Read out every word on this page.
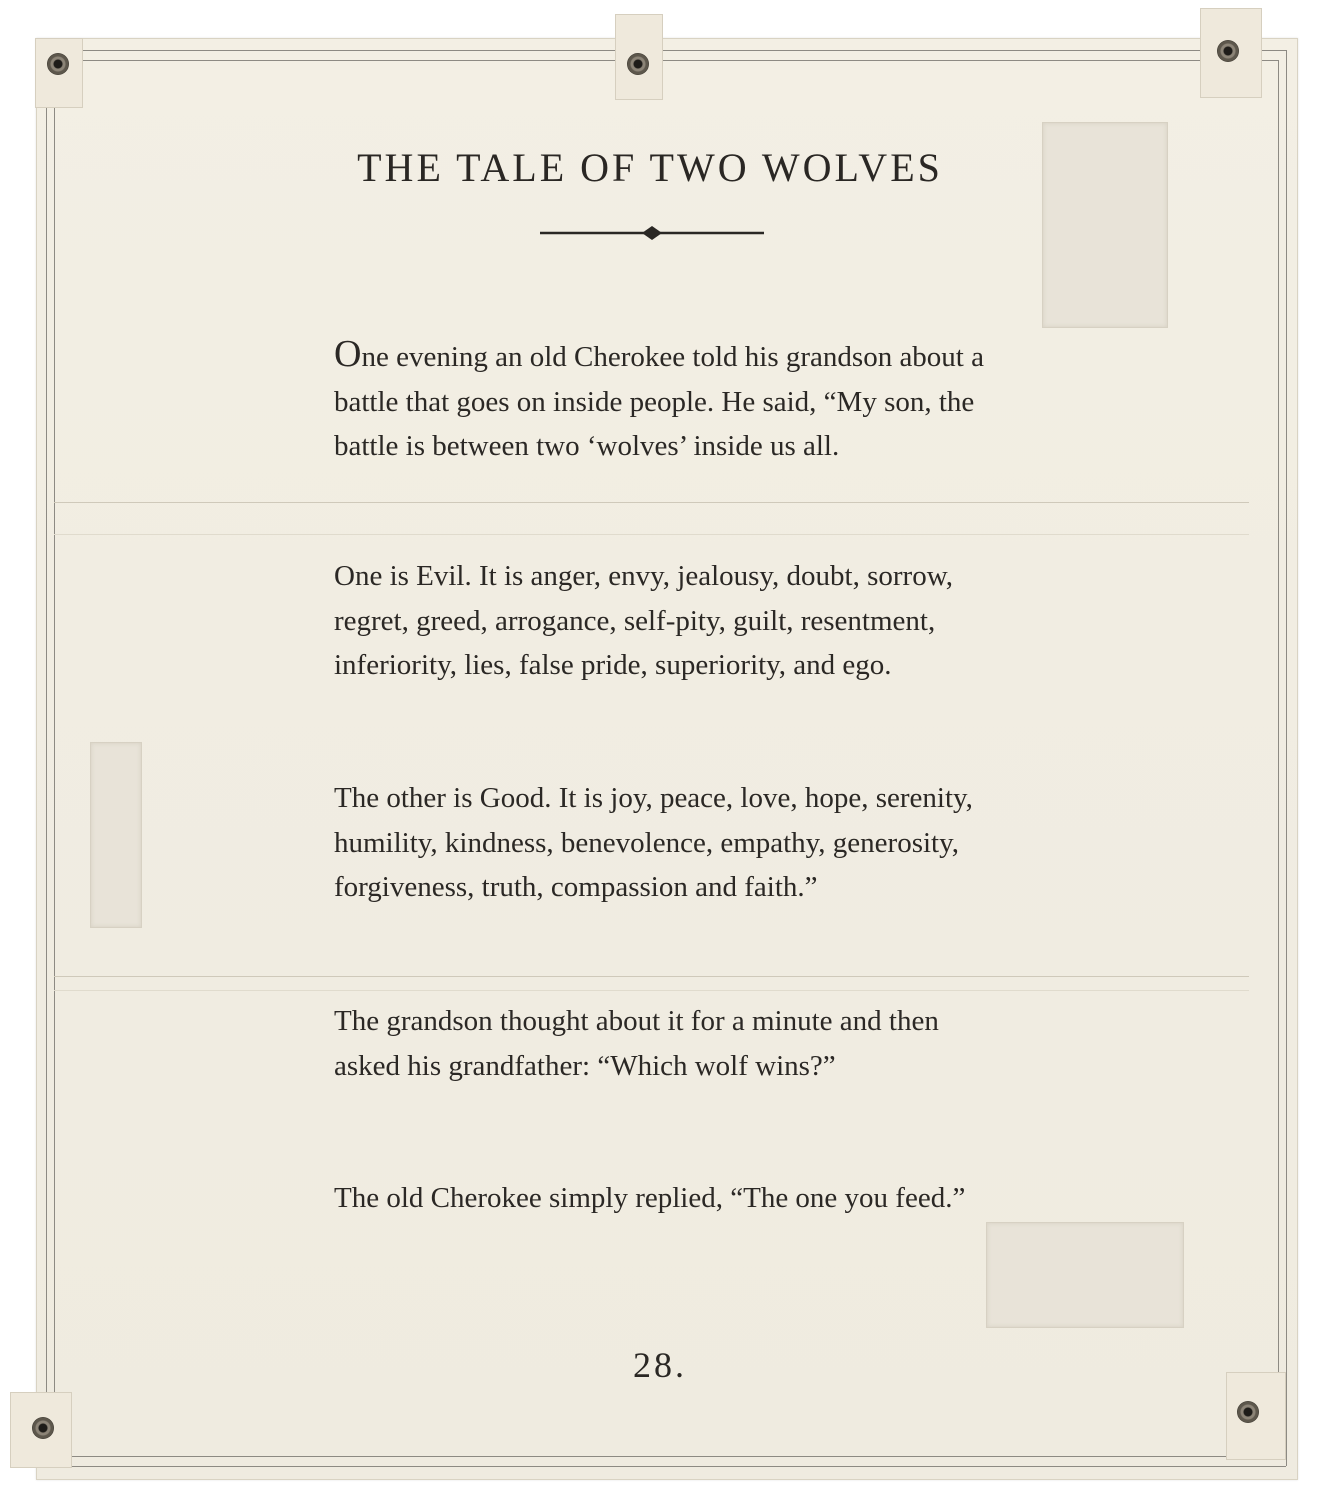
THE TALE OF TWO WOLVES

One evening an old Cherokee told his grandson about a battle that goes on inside people. He said, “My son, the battle is between two ‘wolves’ inside us all.

One is Evil. It is anger, envy, jealousy, doubt, sorrow, regret, greed, arrogance, self-pity, guilt, resentment, inferiority, lies, false pride, superiority, and ego.

The other is Good. It is joy, peace, love, hope, serenity, humility, kindness, benevolence, empathy, generosity, forgiveness, truth, compassion and faith.”

The grandson thought about it for a minute and then asked his grandfather: “Which wolf wins?”

The old Cherokee simply replied, “The one you feed.”

28.
